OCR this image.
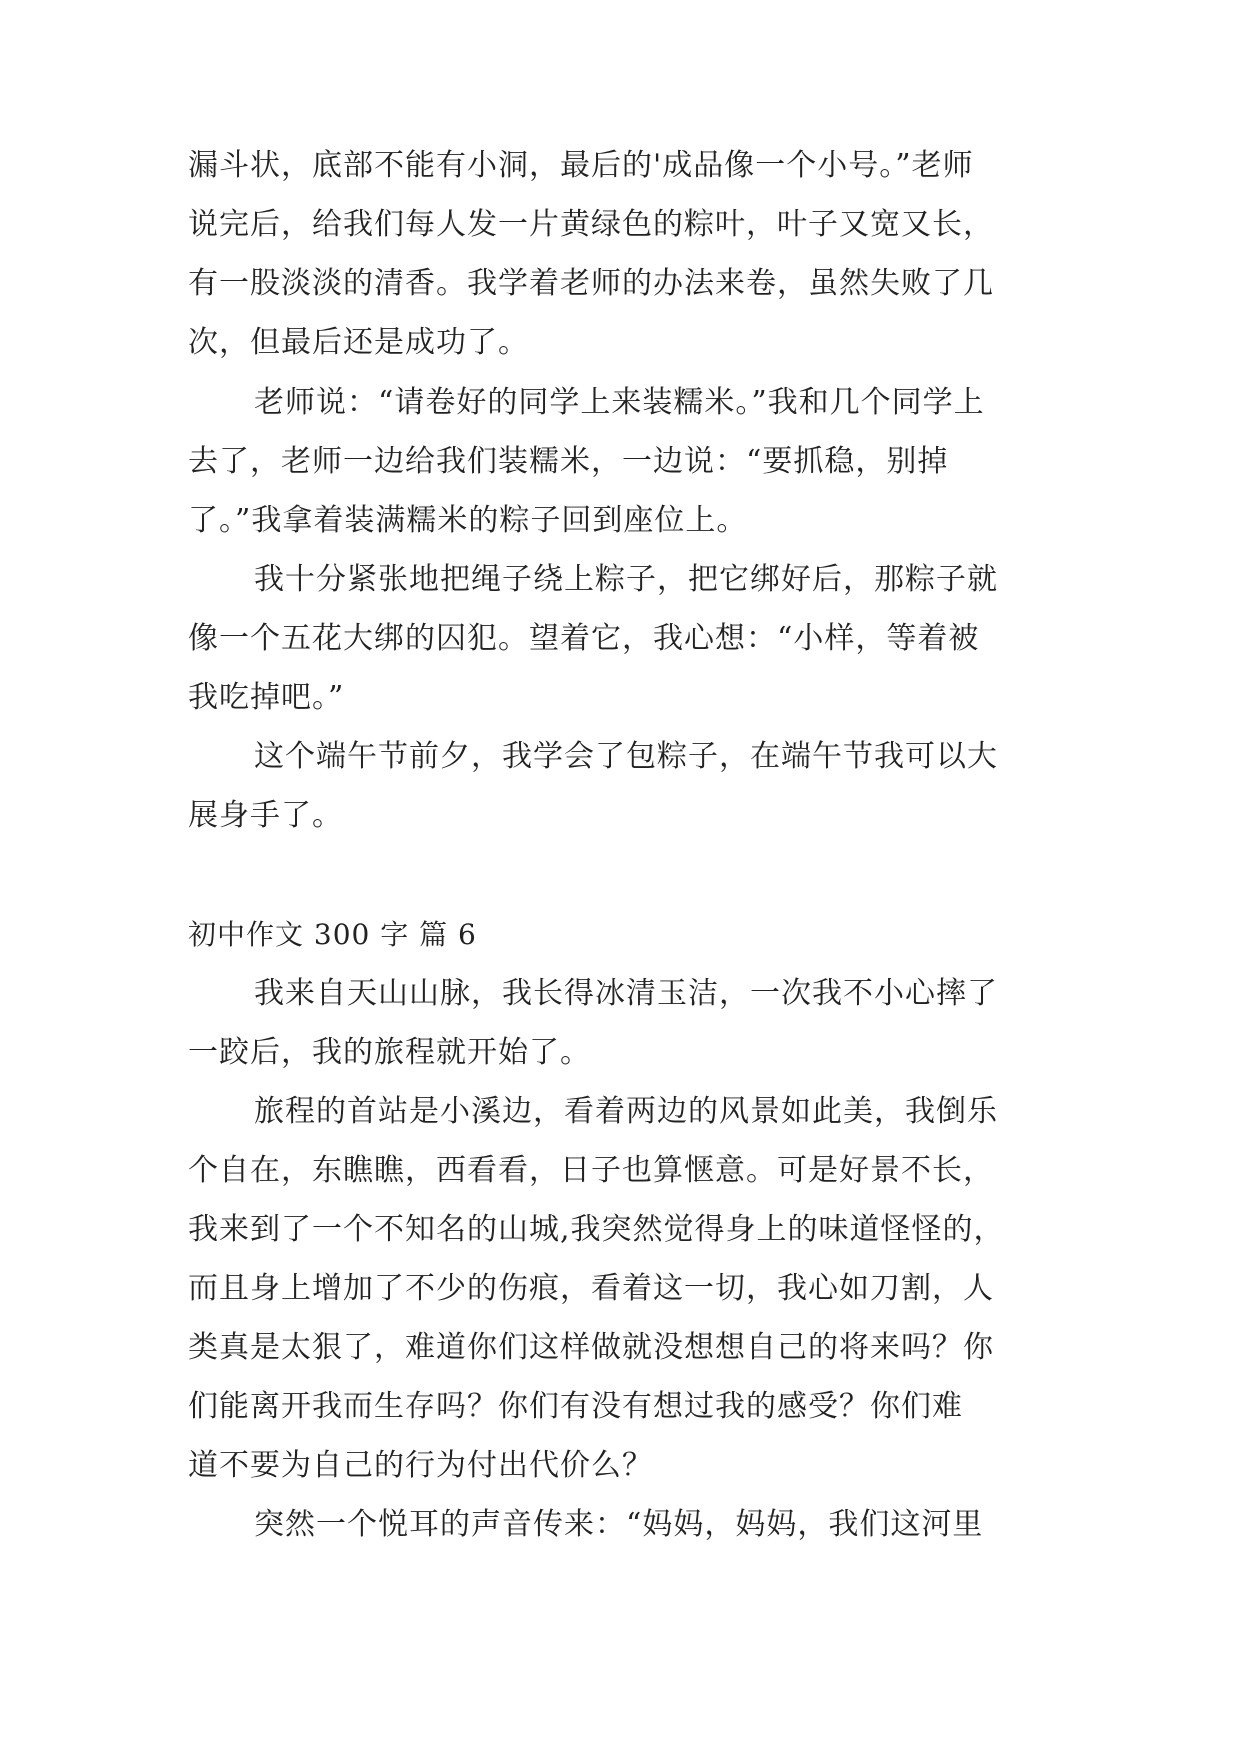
漏斗状，底部不能有小洞，最后的'成品像一个小号。”老师
说完后，给我们每人发一片黄绿色的粽叶，叶子又宽又长，
有一股淡淡的清香。我学着老师的办法来卷，虽然失败了几
次，但最后还是成功了。
老师说：“请卷好的同学上来装糯米。”我和几个同学上
去了，老师一边给我们装糯米，一边说：“要抓稳，别掉
了。”我拿着装满糯米的粽子回到座位上。
我十分紧张地把绳子绕上粽子，把它绑好后，那粽子就
像一个五花大绑的囚犯。望着它，我心想：“小样，等着被
我吃掉吧。”
这个端午节前夕，我学会了包粽子，在端午节我可以大
展身手了。
初中作文 300 字 篇 6
我来自天山山脉，我长得冰清玉洁，一次我不小心摔了
一跤后，我的旅程就开始了。
旅程的首站是小溪边，看着两边的风景如此美，我倒乐
个自在，东瞧瞧，西看看，日子也算惬意。可是好景不长，
我来到了一个不知名的山城,我突然觉得身上的味道怪怪的，
而且身上增加了不少的伤痕，看着这一切，我心如刀割，人
类真是太狠了，难道你们这样做就没想想自己的将来吗？你
们能离开我而生存吗？你们有没有想过我的感受？你们难
道不要为自己的行为付出代价么？
突然一个悦耳的声音传来：“妈妈，妈妈，我们这河里
